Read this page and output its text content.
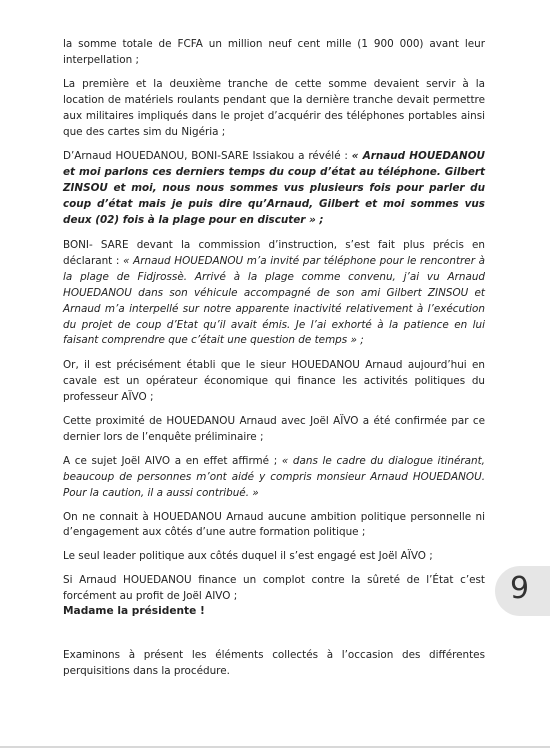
la somme totale de FCFA un million neuf cent mille (1 900 000) avant leur interpellation ;

La première et la deuxième tranche de cette somme devaient servir à la location de matériels roulants pendant que la dernière tranche devait permettre aux militaires impliqués dans le projet d’acquérir des téléphones portables ainsi que des cartes sim du Nigéria ;

D’Arnaud HOUEDANOU, BONI-SARE Issiakou a révélé : « Arnaud HOUEDANOU et moi parlons ces derniers temps du coup d’état au téléphone. Gilbert ZINSOU et moi, nous nous sommes vus plusieurs fois pour parler du coup d’état mais je puis dire qu’Arnaud, Gilbert et moi sommes vus deux (02) fois à la plage pour en discuter » ;

BONI- SARE devant la commission d’instruction, s’est fait plus précis en déclarant : « Arnaud HOUEDANOU m’a invité par téléphone pour le rencontrer à la plage de Fidjrossè. Arrivé à la plage comme convenu, j’ai vu Arnaud HOUEDANOU dans son véhicule accompagné de son ami Gilbert ZINSOU et Arnaud m’a interpellé sur notre apparente inactivité relativement à l’exécution du projet de coup d’Etat qu’il avait émis. Je l’ai exhorté à la patience en lui faisant comprendre que c’était une question de temps » ;

Or, il est précisément établi que le sieur HOUEDANOU Arnaud aujourd’hui en cavale est un opérateur économique qui finance les activités politiques du professeur AÏVO ;

Cette proximité de HOUEDANOU Arnaud avec Joël AÏVO a été confirmée par ce dernier lors de l’enquête préliminaire ;

A ce sujet Joël AIVO a en effet affirmé ; « dans le cadre du dialogue itinérant, beaucoup de personnes m’ont aidé y compris monsieur Arnaud HOUEDANOU. Pour la caution, il a aussi contribué. »

On ne connait à HOUEDANOU Arnaud aucune ambition politique personnelle ni d’engagement aux côtés d’une autre formation politique ;

Le seul leader politique aux côtés duquel il s’est engagé est Joël AÏVO ;

Si Arnaud HOUEDANOU finance un complot contre la sûreté de l’État c’est forcément au profit de Joël AIVO ;	9

Madame la présidente !

Examinons à présent les éléments collectés à l’occasion des différentes perquisitions dans la procédure.
